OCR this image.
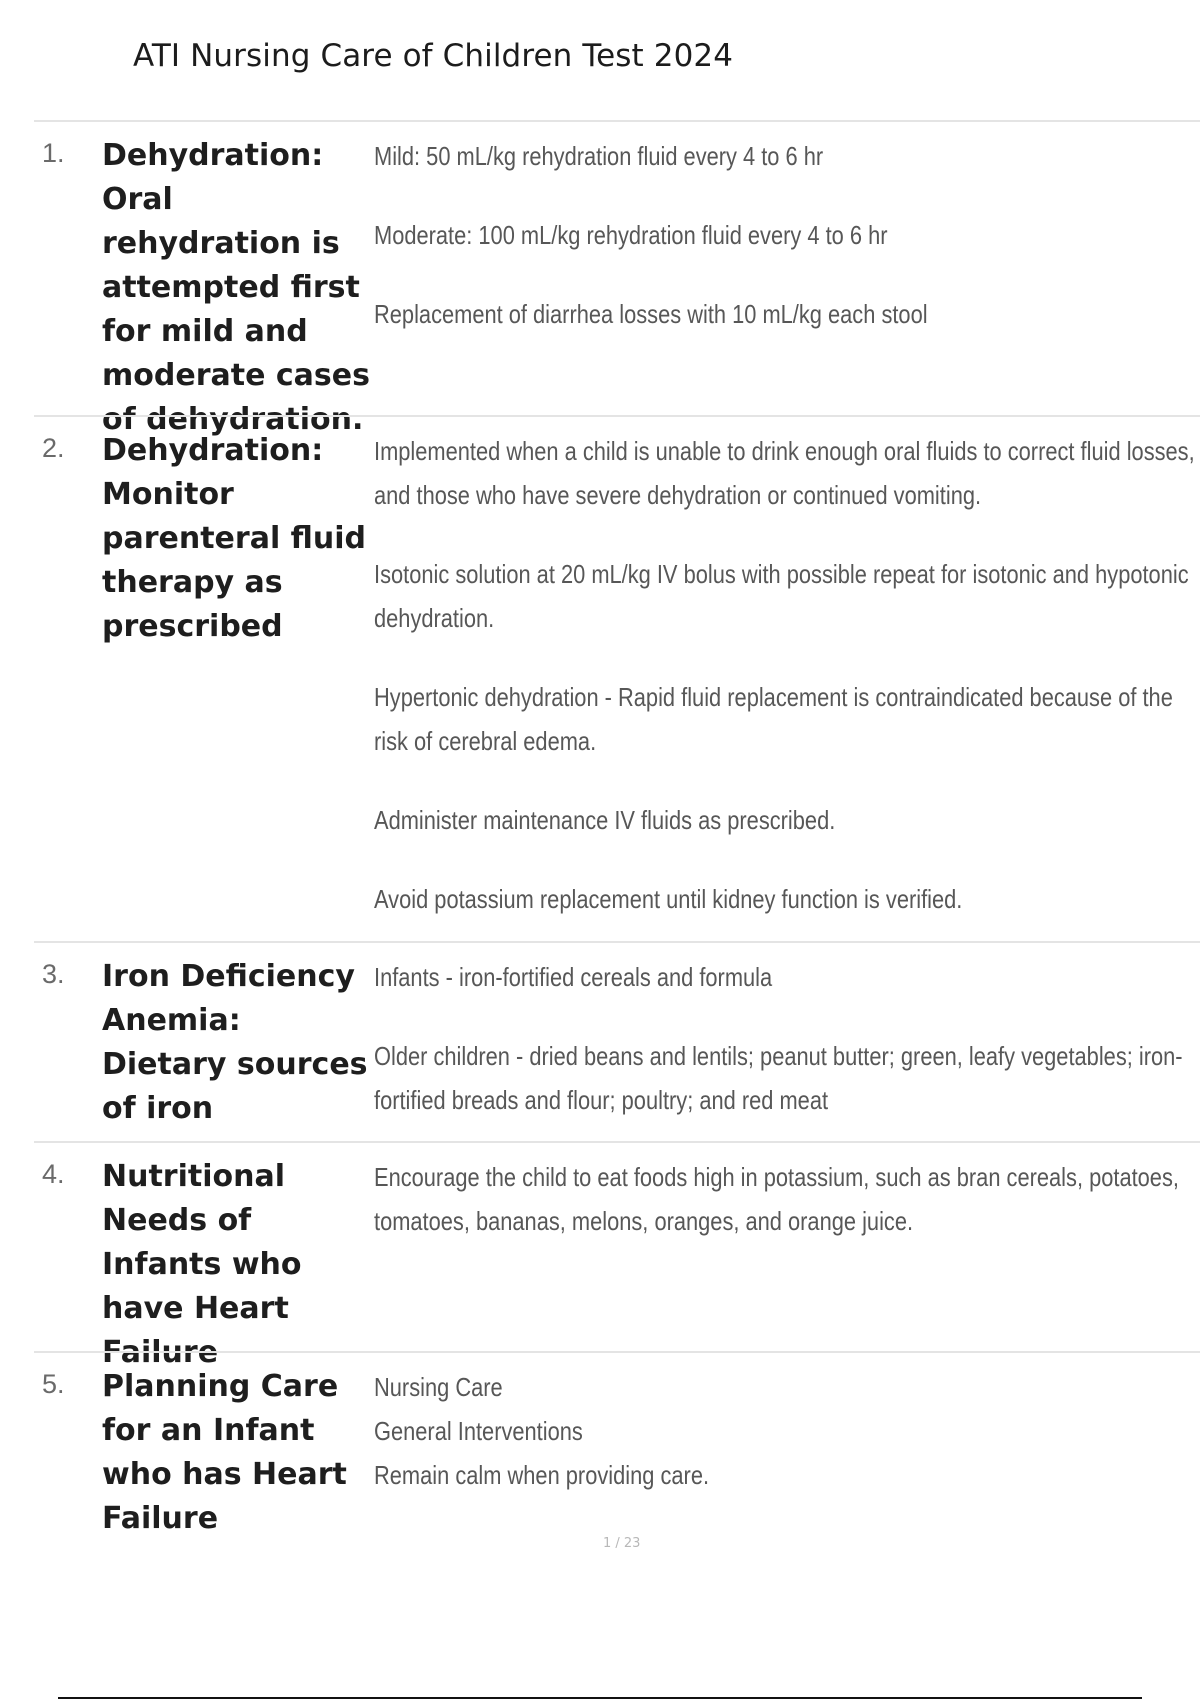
ATI Nursing Care of Children Test 2024
1. Dehydration: Oral rehydration is attempted first for mild and moderate cases of dehydration.

Mild: 50 mL/kg rehydration fluid every 4 to 6 hr

Moderate: 100 mL/kg rehydration fluid every 4 to 6 hr

Replacement of diarrhea losses with 10 mL/kg each stool

2. Dehydration: Monitor parenteral fluid therapy as prescribed

Implemented when a child is unable to drink enough oral fluids to correct fluid losses, and those who have severe dehydration or continued vomiting.

Isotonic solution at 20 mL/kg IV bolus with possible repeat for isotonic and hypotonic dehydration.

Hypertonic dehydration - Rapid fluid replacement is contraindicated because of the risk of cerebral edema.

Administer maintenance IV fluids as prescribed.

Avoid potassium replacement until kidney function is verified.

3. Iron Deficiency Anemia: Dietary sources of iron

Infants - iron-fortified cereals and formula

Older children - dried beans and lentils; peanut butter; green, leafy vegetables; iron-fortified breads and flour; poultry; and red meat

4. Nutritional Needs of Infants who have Heart Failure

Encourage the child to eat foods high in potassium, such as bran cereals, potatoes, tomatoes, bananas, melons, oranges, and orange juice.

5. Planning Care for an Infant who has Heart Failure

Nursing Care

General Interventions

Remain calm when providing care.

1 / 23
